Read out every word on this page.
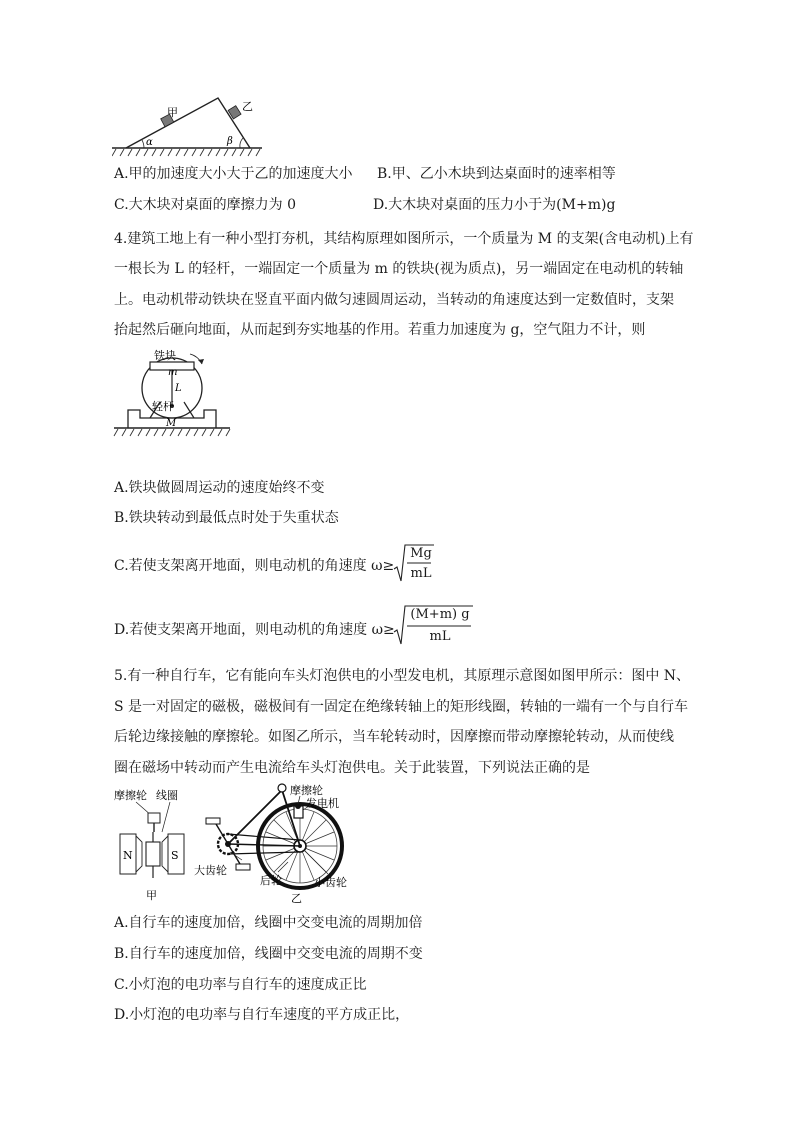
甲	乙
α	β
A.甲的加速度大小大于乙的加速度大小 B.甲、乙小木块到达桌面时的速率相等
C.大木块对桌面的摩擦力为 0	D.大木块对桌面的压力小于为(M+m)g
4.建筑工地上有一种小型打夯机，其结构原理如图所示，一个质量为 M 的支架(含电动机)上有
一根长为 L 的轻杆，一端固定一个质量为 m 的铁块(视为质点)，另一端固定在电动机的转轴
上。电动机带动铁块在竖直平面内做匀速圆周运动，当转动的角速度达到一定数值时，支架
抬起然后砸向地面，从而起到夯实地基的作用。若重力加速度为 g，空气阻力不计，则
铁块
m
L
轻杆
M
A.铁块做圆周运动的速度始终不变
B.铁块转动到最低点时处于失重状态
C.若使支架离开地面，则电动机的角速度 ω≥
Mg
mL
D.若使支架离开地面，则电动机的角速度 ω≥
(M+m) g
mL
5.有一种自行车，它有能向车头灯泡供电的小型发电机，其原理示意图如图甲所示：图中 N、
S 是一对固定的磁极，磁极间有一固定在绝缘转轴上的矩形线圈，转轴的一端有一个与自行车
后轮边缘接触的摩擦轮。如图乙所示，当车轮转动时，因摩擦而带动摩擦轮转动，从而使线
圈在磁场中转动而产生电流给车头灯泡供电。关于此装置，下列说法正确的是
摩擦轮 线圈
N	S
甲
摩擦轮
发电机
大齿轮
后轮	小齿轮
乙
A.自行车的速度加倍，线圈中交变电流的周期加倍
B.自行车的速度加倍，线圈中交变电流的周期不变
C.小灯泡的电功率与自行车的速度成正比
D.小灯泡的电功率与自行车速度的平方成正比，
